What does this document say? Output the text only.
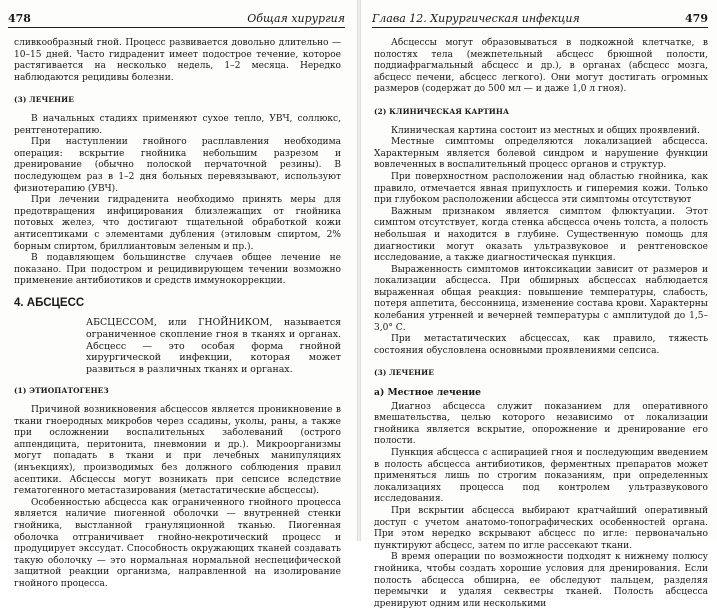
478	Общая хирургия

сливкообразный гной. Процесс развивается довольно длительно — 10–15 дней. Часто гидраденит имеет подострое течение, которое растягивается на несколько недель, 1–2 месяца. Нередко наблюдаются рецидивы болезни.

(3) ЛЕЧЕНИЕ

В начальных стадиях применяют сухое тепло, УВЧ, соллюкс, рентгенотерапию.

При наступлении гнойного расплавления необходима операция: вскрытие гнойника небольшим разрезом и дренирование (обычно полоской перчаточной резины). В последующем раз в 1–2 дня больных перевязывают, используют физиотерапию (УВЧ).

При лечении гидраденита необходимо принять меры для предотвращения инфицирования близлежащих от гнойника потовых желез, что достигают тщательной обработкой кожи антисептиками с элементами дубления (этиловым спиртом, 2% борным спиртом, бриллиантовым зеленым и пр.).

В подавляющем большинстве случаев общее лечение не показано. При подостром и рецидивирующем течении возможно применение антибиотиков и средств иммунокоррекции.

4. АБСЦЕСС
АБСЦЕССОМ, или ГНОЙНИКОМ, называется ограниченное скопление гноя в тканях и органах. Абсцесс — это особая форма гнойной хирургической инфекции, которая может развиться в различных тканях и органах.
(1) ЭТИОПАТОГЕНЕЗ

Причиной возникновения абсцессов является проникновение в ткани гноеродных микробов через ссадины, уколы, раны, а также при осложнении воспалительных заболеваний (острого аппендицита, перитонита, пневмонии и др.). Микроорганизмы могут попадать в ткани и при лечебных манипуляциях (инъекциях), производимых без должного соблюдения правил асептики. Абсцессы могут возникать при сепсисе вследствие гематогенного метастазирования (метастатические абсцессы).

Особенностью абсцесса как ограниченного гнойного процесса является наличие пиогенной оболочки — внутренней стенки гнойника, выстланной грануляционной тканью. Пиогенная оболочка отграничивает гнойно-некротический процесс и продуцирует экссудат. Способность окружающих тканей создавать такую оболочку — это нормальная нормальной неспецифической защитной реакции организма, направленной на изолирование гнойного процесса.

Глава 12. Хирургическая инфекция	479

Абсцессы могут образовываться в подкожной клетчатке, в полостях тела (межпетельный абсцесс брюшной полости, поддиафрагмальный абсцесс и др.), в органах (абсцесс мозга, абсцесс печени, абсцесс легкого). Они могут достигать огромных размеров (содержат до 500 мл — и даже 1,0 л гноя).

(2) КЛИНИЧЕСКАЯ КАРТИНА

Клиническая картина состоит из местных и общих проявлений.

Местные симптомы определяются локализацией абсцесса. Характерным является болевой синдром и нарушение функции вовлеченных в воспалительный процесс органов и структур.

При поверхностном расположении над областью гнойника, как правило, отмечается явная припухлость и гиперемия кожи. Только при глубоком расположении абсцесса эти симптомы отсутствуют

Важным признаком является симптом флюктуации. Этот симптом отсутствует, когда стенка абсцесса очень толста, а полость небольшая и находится в глубине. Существенную помощь для диагностики могут оказать ультразвуковое и рентгеновское исследование, а также диагностическая пункция.

Выраженность симптомов интоксикации зависит от размеров и локализации абсцесса. При обширных абсцессах наблюдается выраженная общая реакция: повышение температуры, слабость, потеря аппетита, бессонница, изменение состава крови. Характерны колебания утренней и вечерней температуры с амплитудой до 1,5–3,0° С.

При метастатических абсцессах, как правило, тяжесть состояния обусловлена основными проявлениями сепсиса.

(3) ЛЕЧЕНИЕ
а) Местное лечение

Диагноз абсцесса служит показанием для оперативного вмешательства, целью которого независимо от локализации гнойника является вскрытие, опорожнение и дренирование его полости.

Пункция абсцесса с аспирацией гноя и последующим введением в полость абсцесса антибиотиков, ферментных препаратов может применяться лишь по строгим показаниям, при определенных локализациях процесса под контролем ультразвукового исследования.

При вскрытии абсцесса выбирают кратчайший оперативный доступ с учетом анатомо-топографических особенностей органа. При этом нередко вскрывают абсцесс по игле: первоначально пунктируют абсцесс, затем по игле рассекают ткани.

В время операции по возможности подходят к нижнему полюсу гнойника, чтобы создать хорошие условия для дренирования. Если полость абсцесса обширна, ее обследуют пальцем, разделяя перемычки и удаляя секвестры тканей. Полость абсцесса дренируют одним или несколькими
